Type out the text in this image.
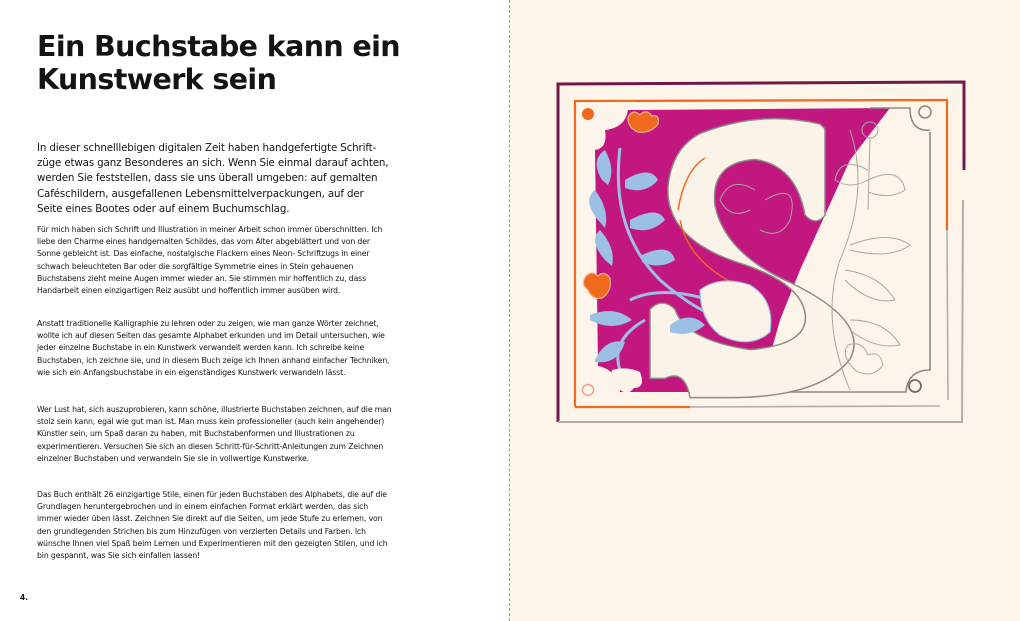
Ein Buchstabe kann ein Kunstwerk sein

In dieser schnelllebigen digitalen Zeit haben handgefertigte Schriftzüge etwas ganz Besonderes an sich. Wenn Sie einmal darauf achten, werden Sie feststellen, dass sie uns überall umgeben: auf gemalten Caféschildern, ausgefallenen Lebensmittelverpackungen, auf der Seite eines Bootes oder auf einem Buchumschlag.

Für mich haben sich Schrift und Illustration in meiner Arbeit schon immer überschnitten. Ich liebe den Charme eines handgemalten Schildes, das vom Alter abgeblättert und von der Sonne gebleicht ist. Das einfache, nostalgische Flackern eines Neon- Schriftzugs in einer schwach beleuchteten Bar oder die sorgfältige Symmetrie eines in Stein gehauenen Buchstabens zieht meine Augen immer wieder an. Sie stimmen mir hoffentlich zu, dass Handarbeit einen einzigartigen Reiz ausübt und hoffentlich immer ausüben wird.

Anstatt traditionelle Kalligraphie zu lehren oder zu zeigen, wie man ganze Wörter zeichnet, wollte ich auf diesen Seiten das gesamte Alphabet erkunden und im Detail untersuchen, wie jeder einzelne Buchstabe in ein Kunstwerk verwandelt werden kann. Ich schreibe keine Buchstaben, ich zeichne sie, und in diesem Buch zeige ich Ihnen anhand einfacher Techniken, wie sich ein Anfangsbuchstabe in ein eigenständiges Kunstwerk verwandeln lässt.

Wer Lust hat, sich auszuprobieren, kann schöne, illustrierte Buchstaben zeichnen, auf die man stolz sein kann, egal wie gut man ist. Man muss kein professioneller (auch kein angehender) Künstler sein, um Spaß daran zu haben, mit Buchstabenformen und Illustrationen zu experimentieren. Versuchen Sie sich an diesen Schritt-für-Schritt-Anleitungen zum Zeichnen einzelner Buchstaben und verwandeln Sie sie in vollwertige Kunstwerke.

Das Buch enthält 26 einzigartige Stile, einen für jeden Buchstaben des Alphabets, die auf die Grundlagen heruntergebrochen und in einem einfachen Format erklärt werden, das sich immer wieder üben lässt. Zeichnen Sie direkt auf die Seiten, um jede Stufe zu erlernen, von den grundlegenden Strichen bis zum Hinzufügen von verzierten Details und Farben. Ich wünsche Ihnen viel Spaß beim Lernen und Experimentieren mit den gezeigten Stilen, und ich bin gespannt, was Sie sich einfallen lassen!

4.
